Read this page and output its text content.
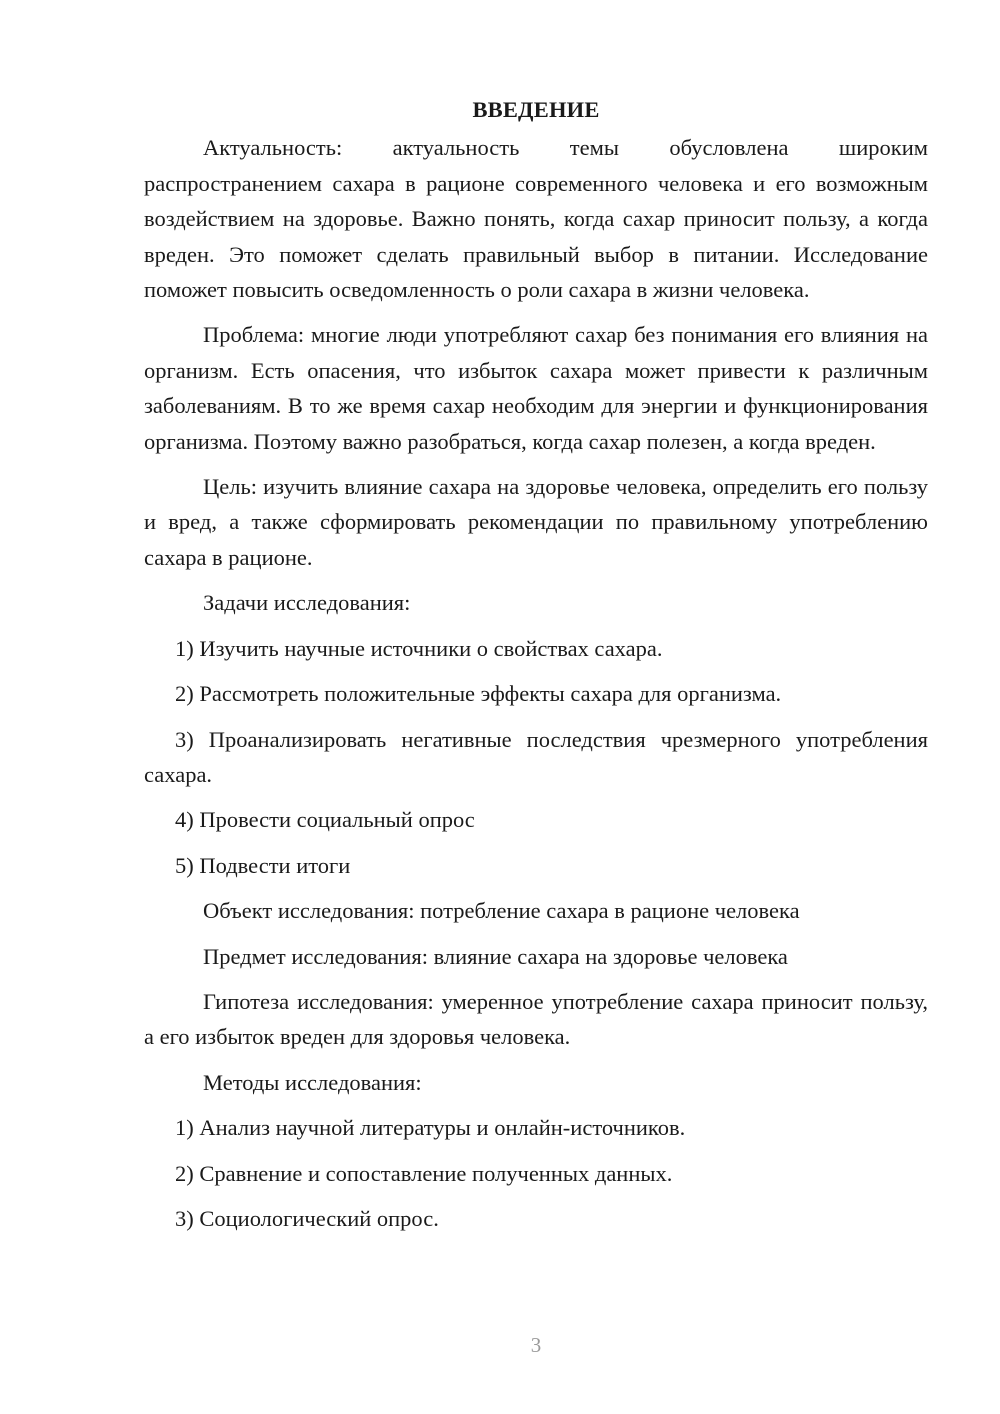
ВВЕДЕНИЕ

Актуальность: актуальность темы обусловлена широким распространением сахара в рационе современного человека и его возможным воздействием на здоровье. Важно понять, когда сахар приносит пользу, а когда вреден. Это поможет сделать правильный выбор в питании. Исследование поможет повысить осведомленность о роли сахара в жизни человека.

Проблема: многие люди употребляют сахар без понимания его влияния на организм. Есть опасения, что избыток сахара может привести к различным заболеваниям. В то же время сахар необходим для энергии и функционирования организма. Поэтому важно разобраться, когда сахар полезен, а когда вреден.

Цель: изучить влияние сахара на здоровье человека, определить его пользу и вред, а также сформировать рекомендации по правильному употреблению сахара в рационе.

Задачи исследования:

1) Изучить научные источники о свойствах сахара.

2) Рассмотреть положительные эффекты сахара для организма.

3) Проанализировать негативные последствия чрезмерного употребления сахара.

4) Провести социальный опрос

5) Подвести итоги

Объект исследования: потребление сахара в рационе человека

Предмет исследования: влияние сахара на здоровье человека

Гипотеза исследования: умеренное употребление сахара приносит пользу, а его избыток вреден для здоровья человека.

Методы исследования:

1) Анализ научной литературы и онлайн-источников.

2) Сравнение и сопоставление полученных данных.

3) Социологический опрос.

3
